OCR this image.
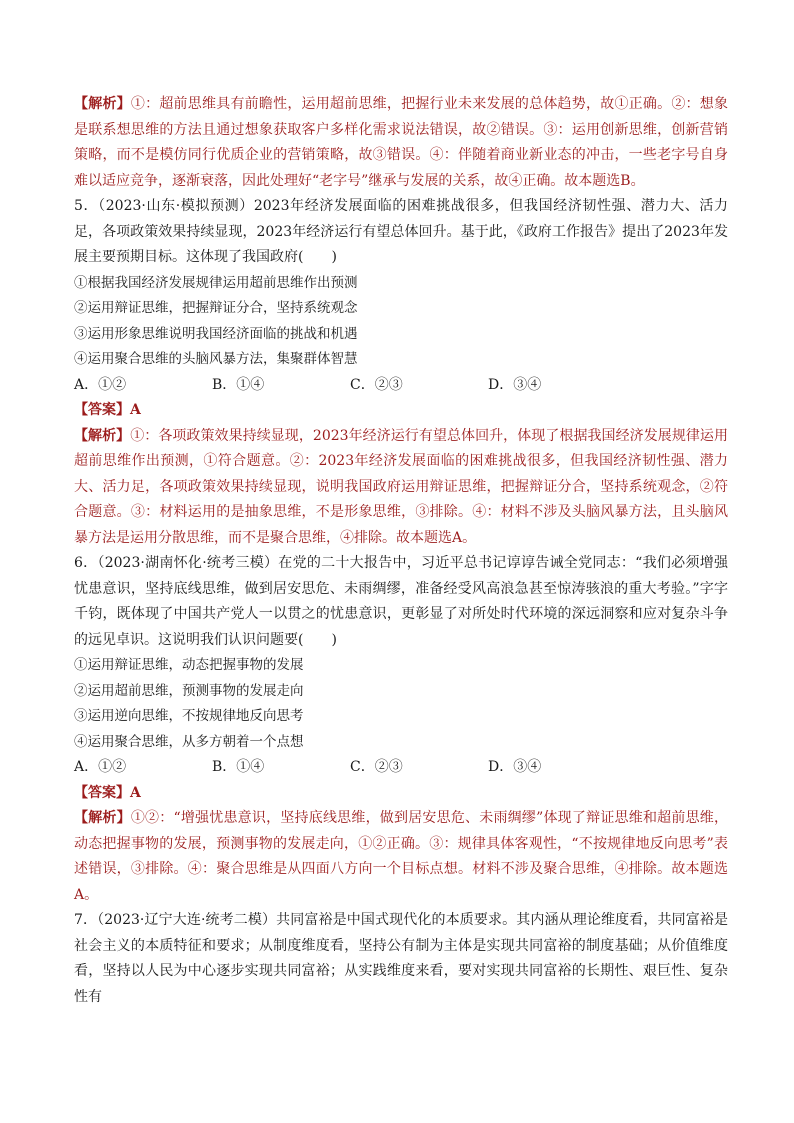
【解析】①：超前思维具有前瞻性，运用超前思维，把握行业未来发展的总体趋势，故①正确。②：想象是联系想思维的方法且通过想象获取客户多样化需求说法错误，故②错误。③：运用创新思维，创新营销策略，而不是模仿同行优质企业的营销策略，故③错误。④：伴随着商业新业态的冲击，一些老字号自身难以适应竞争，逐渐衰落，因此处理好“老字号”继承与发展的关系，故④正确。故本题选B。

5．（2023·山东·模拟预测）2023年经济发展面临的困难挑战很多，但我国经济韧性强、潜力大、活力足，各项政策效果持续显现，2023年经济运行有望总体回升。基于此，《政府工作报告》提出了2023年发展主要预期目标。这体现了我国政府(　　)

①根据我国经济发展规律运用超前思维作出预测

②运用辩证思维，把握辩证分合，坚持系统观念

③运用形象思维说明我国经济面临的挑战和机遇

④运用聚合思维的头脑风暴方法，集聚群体智慧

A．①②	B．①④	C．②③	D．③④

【答案】A

【解析】①：各项政策效果持续显现，2023年经济运行有望总体回升，体现了根据我国经济发展规律运用超前思维作出预测，①符合题意。②：2023年经济发展面临的困难挑战很多，但我国经济韧性强、潜力大、活力足，各项政策效果持续显现，说明我国政府运用辩证思维，把握辩证分合，坚持系统观念，②符合题意。③：材料运用的是抽象思维，不是形象思维，③排除。④：材料不涉及头脑风暴方法，且头脑风暴方法是运用分散思维，而不是聚合思维，④排除。故本题选A。

6．（2023·湖南怀化·统考三模）在党的二十大报告中，习近平总书记谆谆告诫全党同志：“我们必须增强忧患意识，坚持底线思维，做到居安思危、未雨绸缪，准备经受风高浪急甚至惊涛骇浪的重大考验。”字字千钧，既体现了中国共产党人一以贯之的忧患意识，更彰显了对所处时代环境的深远洞察和应对复杂斗争的远见卓识。这说明我们认识问题要(　　)

①运用辩证思维，动态把握事物的发展

②运用超前思维，预测事物的发展走向

③运用逆向思维，不按规律地反向思考

④运用聚合思维，从多方朝着一个点想

A．①②	B．①④	C．②③	D．③④

【答案】A

【解析】①②：“增强忧患意识，坚持底线思维，做到居安思危、未雨绸缪”体现了辩证思维和超前思维，动态把握事物的发展，预测事物的发展走向，①②正确。③：规律具体客观性，“不按规律地反向思考”表述错误，③排除。④：聚合思维是从四面八方向一个目标点想。材料不涉及聚合思维，④排除。故本题选A。

7．（2023·辽宁大连·统考二模）共同富裕是中国式现代化的本质要求。其内涵从理论维度看，共同富裕是社会主义的本质特征和要求；从制度维度看，坚持公有制为主体是实现共同富裕的制度基础；从价值维度看，坚持以人民为中心逐步实现共同富裕；从实践维度来看，要对实现共同富裕的长期性、艰巨性、复杂性有
